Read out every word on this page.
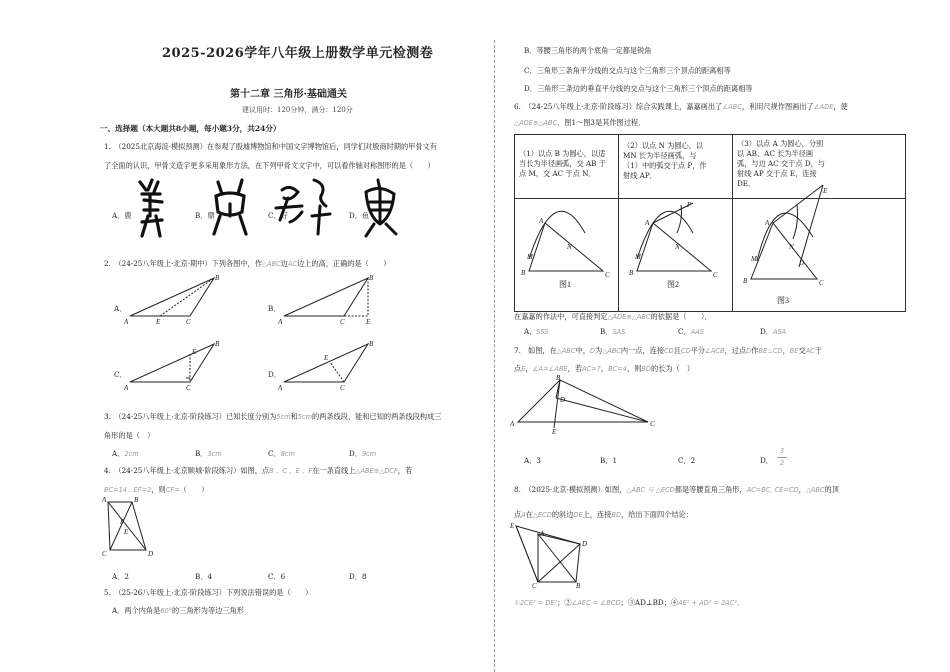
2025-2026学年八年级上册数学单元检测卷
第十二章 三角形·基础通关
建议用时：120分钟，满分：120分
一、选择题（本大题共8小题，每小题3分，共24分）
1.　（2025北京海淀·模拟预测）在参观了殷墟博物馆和中国文字博物馆后，同学们对殷商时期的甲骨文有
了全面的认识，甲骨文造字更多采用象形方法，在下列甲骨文文字中，可以看作轴对称图形的是（　　）
A．鹿	B．鼎	C．好	D．鱼
2.　（24-25八年级上·北京·期中）下列各图中，作△ABC边AC边上的高，正确的是（　　）
A．	B．
C．	D．
A	E	C
B
A	C	E
B
A	C
E
B
A	C
E
B
3.　（24-25八年级上·北京·阶段练习）已知长度分别为5cm和5cm的两条线段，能和已知的两条线段构成三
角形的是（　）
A．2cm	B．3cm	C．8cm	D．9cm
4.　（24-25八年级上·北京顺城·阶段练习）如图，点B 、C 、E 、F在一条直线上△ABE≅△DCF，若
BC=14，EF=2，则CF=（　　）
A	B
F
E
C	D
A．2	B．4	C．6	D．8
5.　（25-26八年级上·北京·阶段练习）下列说法错误的是（　　）
A．两个内角是60°的三角形为等边三角形
B．等腰三角形的两个底角一定都是锐角
C．三角形三条角平分线的交点与这个三角形三个顶点的距离相等
D．三角形三条边的垂直平分线的交点与这个三角形三个顶点的距离相等
6.　（24-25八年级上·北京·阶段练习）综合实践课上，嘉嘉画出了∠ABC，利用尺规作图画出了∠ADE，使
△ADE≅△ABC．图1～图3是其作图过程．
（1）以点 B 为圆心，以适
当长为半径画弧，交 AB 于
点 M，交 AC 于点 N．
（2）以点 N 为圆心，以
MN 长为半径画弧，与
（1）中的弧交于点 P，作
射线 AP．
（3）以点 A 为圆心，分别
以 AB、AC 长为半径画
弧，与边 AC 交于点 D，与
射线 AP 交于点 E，连接
DE．
A
B	C
M
N
A
B	C
M
N
P
A
B	C
M
N
D
E
图1	图2
图3
在嘉嘉的作法中，可直接判定△ADE≅△ABC的依据是（　　）．
A．SSS	B．SAS	C．AAS	D．ASA
7.　如图，在△ABC中，D为△ABC内一点，连接CD且CD平分∠ACB，过点D作BE⊥CD，BE交AC于
点E，∠A=∠ABE，若AC=7，BC=4，则BD的长为（　）
A
B
C
D
E
A．3	B．1	C．2	D．
3
2
8.　（2025·北京·模拟预测）如图，△ABC 与 △ECD都是等腰直角三角形，AC=BC, CE=CD，△ABC的顶
点A在△ECD的斜边DE上，连接BD，给出下面四个结论：
E
A
D
C	B
①2CE² = DE²；②∠AEC = ∠BCD；③AD⊥BD；④AE² + AD² = 2AC²．
